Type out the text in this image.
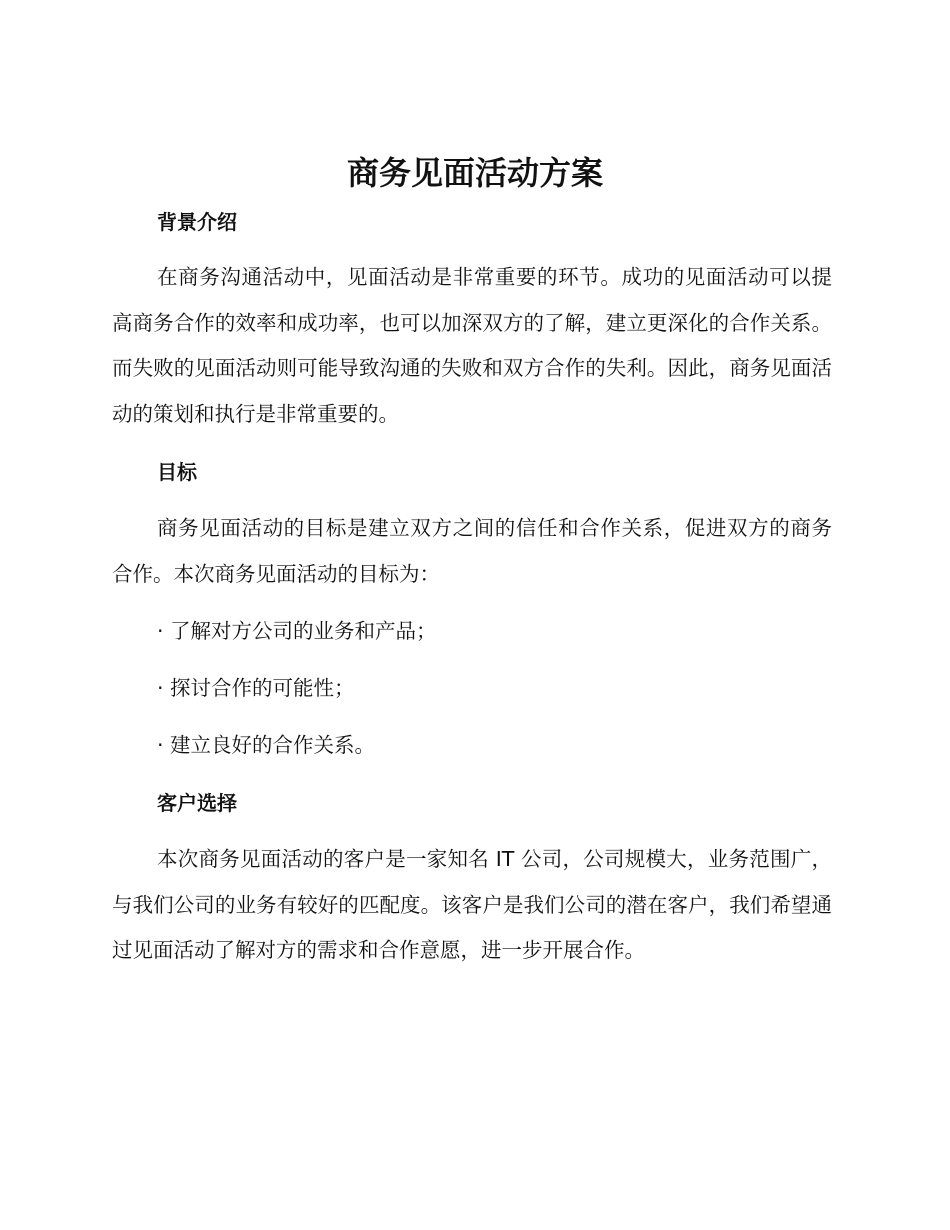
商务见面活动方案
背景介绍

在商务沟通活动中，见面活动是非常重要的环节。成功的见面活动可以提高商务合作的效率和成功率，也可以加深双方的了解，建立更深化的合作关系。而失败的见面活动则可能导致沟通的失败和双方合作的失利。因此，商务见面活动的策划和执行是非常重要的。

目标

商务见面活动的目标是建立双方之间的信任和合作关系，促进双方的商务合作。本次商务见面活动的目标为：

· 了解对方公司的业务和产品；

· 探讨合作的可能性；

· 建立良好的合作关系。

客户选择

本次商务见面活动的客户是一家知名 IT 公司，公司规模大，业务范围广，与我们公司的业务有较好的匹配度。该客户是我们公司的潜在客户，我们希望通过见面活动了解对方的需求和合作意愿，进一步开展合作。
